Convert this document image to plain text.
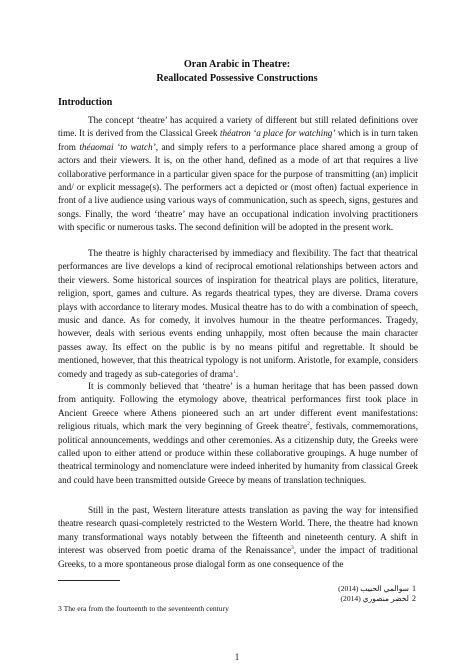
Oran Arabic in Theatre:
Reallocated Possessive Constructions
Introduction

The concept ‘theatre’ has acquired a variety of different but still related definitions over time. It is derived from the Classical Greek théatron ‘a place for watching’ which is in turn taken from théaomai ‘to watch’, and simply refers to a performance place shared among a group of actors and their viewers. It is, on the other hand, defined as a mode of art that requires a live collaborative performance in a particular given space for the purpose of transmitting (an) implicit and/ or explicit message(s). The performers act a depicted or (most often) factual experience in front of a live audience using various ways of communication, such as speech, signs, gestures and songs. Finally, the word ‘theatre’ may have an occupational indication involving practitioners with specific or numerous tasks. The second definition will be adopted in the present work.

The theatre is highly characterised by immediacy and flexibility. The fact that theatrical performances are live develops a kind of reciprocal emotional relationships between actors and their viewers. Some historical sources of inspiration for theatrical plays are politics, literature, religion, sport, games and culture. As regards theatrical types, they are diverse. Drama covers plays with accordance to literary modes. Musical theatre has to do with a combination of speech, music and dance. As for comedy, it involves humour in the theatre performances. Tragedy, however, deals with serious events ending unhappily, most often because the main character passes away. Its effect on the public is by no means pitiful and regrettable. It should be mentioned, however, that this theatrical typology is not uniform. Aristotle, for example, considers comedy and tragedy as sub-categories of drama$^1$.

It is commonly believed that ‘theatre’ is a human heritage that has been passed down from antiquity. Following the etymology above, theatrical performances first took place in Ancient Greece where Athens pioneered such an art under different event manifestations: religious rituals, which mark the very beginning of Greek theatre$^2$, festivals, commemorations, political announcements, weddings and other ceremonies. As a citizenship duty, the Greeks were called upon to either attend or produce within these collaborative groupings. A huge number of theatrical terminology and nomenclature were indeed inherited by humanity from classical Greek and could have been transmitted outside Greece by means of translation techniques.

Still in the past, Western literature attests translation as paving the way for intensified theatre research quasi-completely restricted to the Western World. There, the theatre had known many transformational ways notably between the fifteenth and nineteenth century. A shift in interest was observed from poetic drama of the Renaissance$^3$, under the impact of traditional Greeks, to a more spontaneous prose dialogal form as one consequence of the

سوالمي الحبيب (2014) 1
لخضر منصوري (2014) 2
3 The era from the fourteenth to the seventeenth century
1
